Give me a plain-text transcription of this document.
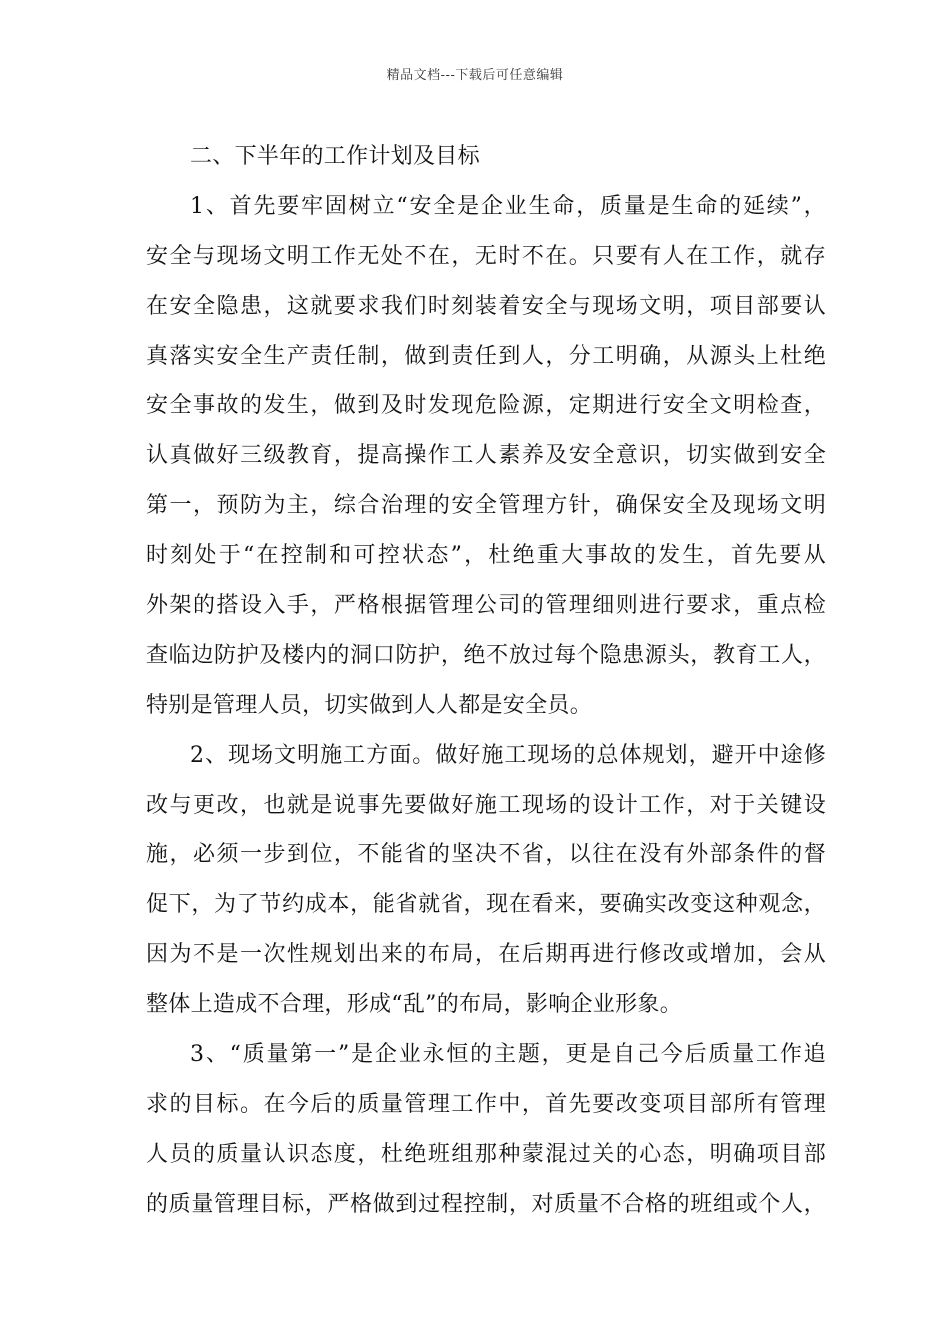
精品文档---下载后可任意编辑
二、下半年的工作计划及目标
1、首先要牢固树立“安全是企业生命，质量是生命的延续”，
安全与现场文明工作无处不在，无时不在。只要有人在工作，就存
在安全隐患，这就要求我们时刻装着安全与现场文明，项目部要认
真落实安全生产责任制，做到责任到人，分工明确，从源头上杜绝
安全事故的发生，做到及时发现危险源，定期进行安全文明检查，
认真做好三级教育，提高操作工人素养及安全意识，切实做到安全
第一，预防为主，综合治理的安全管理方针，确保安全及现场文明
时刻处于“在控制和可控状态”，杜绝重大事故的发生，首先要从
外架的搭设入手，严格根据管理公司的管理细则进行要求，重点检
查临边防护及楼内的洞口防护，绝不放过每个隐患源头，教育工人，
特别是管理人员，切实做到人人都是安全员。
2、现场文明施工方面。做好施工现场的总体规划，避开中途修
改与更改，也就是说事先要做好施工现场的设计工作，对于关键设
施，必须一步到位，不能省的坚决不省，以往在没有外部条件的督
促下，为了节约成本，能省就省，现在看来，要确实改变这种观念，
因为不是一次性规划出来的布局，在后期再进行修改或增加，会从
整体上造成不合理，形成“乱”的布局，影响企业形象。
3、“质量第一”是企业永恒的主题，更是自己今后质量工作追
求的目标。在今后的质量管理工作中，首先要改变项目部所有管理
人员的质量认识态度，杜绝班组那种蒙混过关的心态，明确项目部
的质量管理目标，严格做到过程控制，对质量不合格的班组或个人，
